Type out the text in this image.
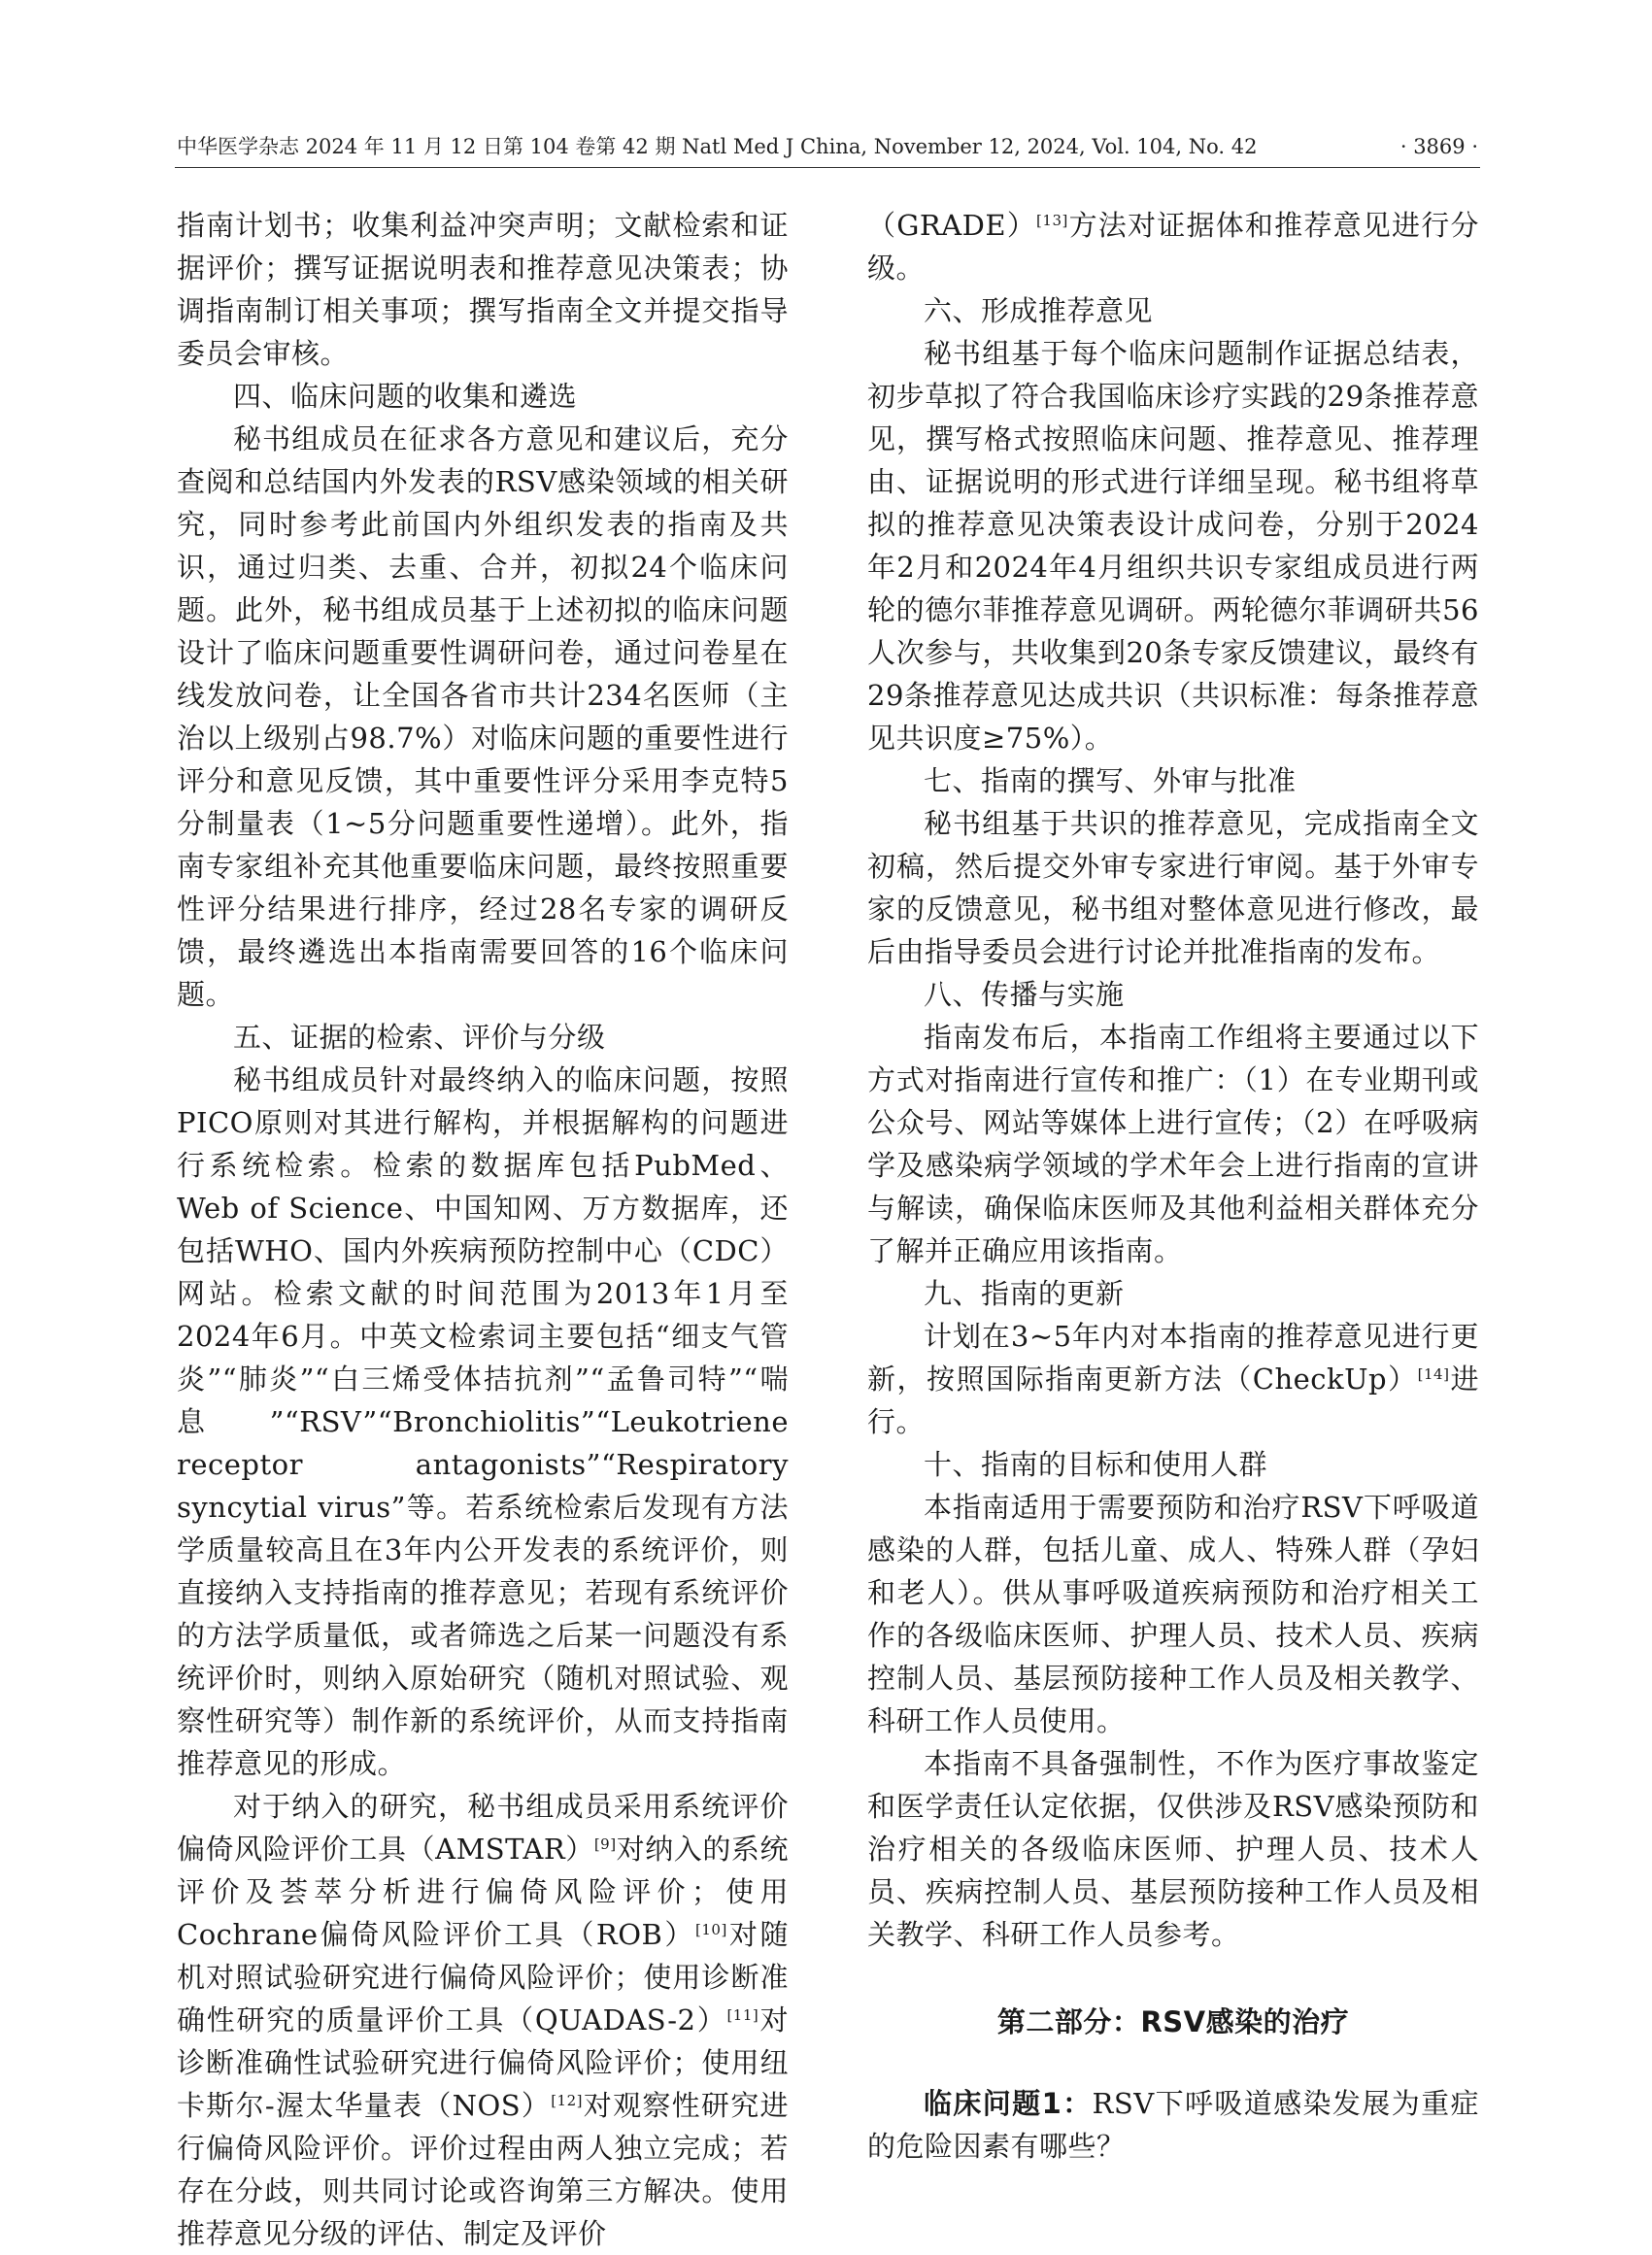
中华医学杂志 2024 年 11 月 12 日第 104 卷第 42 期 Natl Med J China, November 12, 2024, Vol. 104, No. 42	· 3869 ·

指南计划书；收集利益冲突声明；文献检索和证据评价；撰写证据说明表和推荐意见决策表；协调指南制订相关事项；撰写指南全文并提交指导委员会审核。

四、临床问题的收集和遴选

秘书组成员在征求各方意见和建议后，充分查阅和总结国内外发表的RSV感染领域的相关研究，同时参考此前国内外组织发表的指南及共识，通过归类、去重、合并，初拟24个临床问题。此外，秘书组成员基于上述初拟的临床问题设计了临床问题重要性调研问卷，通过问卷星在线发放问卷，让全国各省市共计234名医师（主治以上级别占98.7%）对临床问题的重要性进行评分和意见反馈，其中重要性评分采用李克特5分制量表（1~5分问题重要性递增）。此外，指南专家组补充其他重要临床问题，最终按照重要性评分结果进行排序，经过28名专家的调研反馈，最终遴选出本指南需要回答的16个临床问题。

五、证据的检索、评价与分级

秘书组成员针对最终纳入的临床问题，按照PICO原则对其进行解构，并根据解构的问题进行系统检索。检索的数据库包括PubMed、Web of Science、中国知网、万方数据库，还包括WHO、国内外疾病预防控制中心（CDC）网站。检索文献的时间范围为2013年1月至2024年6月。中英文检索词主要包括“细支气管炎”“肺炎”“白三烯受体拮抗剂”“孟鲁司特”“喘息”“RSV”“Bronchiolitis”“Leukotriene receptor antagonists”“Respiratory syncytial virus”等。若系统检索后发现有方法学质量较高且在3年内公开发表的系统评价，则直接纳入支持指南的推荐意见；若现有系统评价的方法学质量低，或者筛选之后某一问题没有系统评价时，则纳入原始研究（随机对照试验、观察性研究等）制作新的系统评价，从而支持指南推荐意见的形成。

对于纳入的研究，秘书组成员采用系统评价偏倚风险评价工具（AMSTAR）[9]对纳入的系统评价及荟萃分析进行偏倚风险评价；使用Cochrane偏倚风险评价工具（ROB）[10]对随机对照试验研究进行偏倚风险评价；使用诊断准确性研究的质量评价工具（QUADAS-2）[11]对诊断准确性试验研究进行偏倚风险评价；使用纽卡斯尔-渥太华量表（NOS）[12]对观察性研究进行偏倚风险评价。评价过程由两人独立完成；若存在分歧，则共同讨论或咨询第三方解决。使用推荐意见分级的评估、制定及评价

（GRADE）[13]方法对证据体和推荐意见进行分级。

六、形成推荐意见

秘书组基于每个临床问题制作证据总结表，初步草拟了符合我国临床诊疗实践的29条推荐意见，撰写格式按照临床问题、推荐意见、推荐理由、证据说明的形式进行详细呈现。秘书组将草拟的推荐意见决策表设计成问卷，分别于2024年2月和2024年4月组织共识专家组成员进行两轮的德尔菲推荐意见调研。两轮德尔菲调研共56人次参与，共收集到20条专家反馈建议，最终有29条推荐意见达成共识（共识标准：每条推荐意见共识度≥75%）。

七、指南的撰写、外审与批准

秘书组基于共识的推荐意见，完成指南全文初稿，然后提交外审专家进行审阅。基于外审专家的反馈意见，秘书组对整体意见进行修改，最后由指导委员会进行讨论并批准指南的发布。

八、传播与实施

指南发布后，本指南工作组将主要通过以下方式对指南进行宣传和推广：（1）在专业期刊或公众号、网站等媒体上进行宣传；（2）在呼吸病学及感染病学领域的学术年会上进行指南的宣讲与解读，确保临床医师及其他利益相关群体充分了解并正确应用该指南。

九、指南的更新

计划在3~5年内对本指南的推荐意见进行更新，按照国际指南更新方法（CheckUp）[14]进行。

十、指南的目标和使用人群

本指南适用于需要预防和治疗RSV下呼吸道感染的人群，包括儿童、成人、特殊人群（孕妇和老人）。供从事呼吸道疾病预防和治疗相关工作的各级临床医师、护理人员、技术人员、疾病控制人员、基层预防接种工作人员及相关教学、科研工作人员使用。

本指南不具备强制性，不作为医疗事故鉴定和医学责任认定依据，仅供涉及RSV感染预防和治疗相关的各级临床医师、护理人员、技术人员、疾病控制人员、基层预防接种工作人员及相关教学、科研工作人员参考。

第二部分：RSV感染的治疗

临床问题1：RSV下呼吸道感染发展为重症的危险因素有哪些？
